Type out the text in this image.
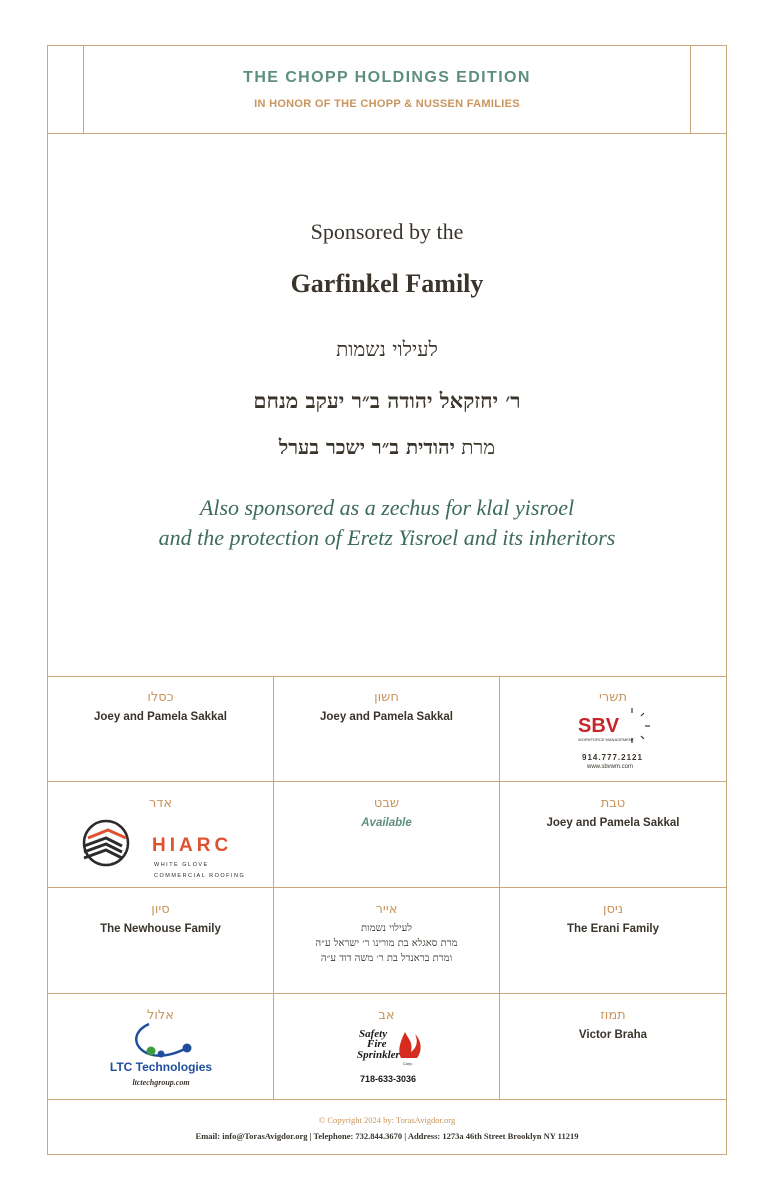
THE CHOPP HOLDINGS EDITION
IN HONOR OF THE CHOPP & NUSSEN FAMILIES
Sponsored by the
Garfinkel Family
לעילוי נשמות
ר׳ יחזקאל יהודה ב״ר יעקב מנחם
מרת יהודית ב״ר ישכר בערל
Also sponsored as a zechus for klal yisroel
and the protection of Eretz Yisroel and its inheritors
כסלו
Joey and Pamela Sakkal
חשון
Joey and Pamela Sakkal
תשרי
SBV
WORKFORCE MANAGEMENT
914.777.2121
www.sbvwm.com
אדר
HIARC
WHITE GLOVE
COMMERCIAL ROOFING
שבט
Available
טבת
Joey and Pamela Sakkal
סיון
The Newhouse Family
אייר
לעילוי נשמות
מרת סאגלא בת מורינו ר׳ ישראל ע״ה
ומרת בראנדל בת ר׳ משה דוד ע״ה
ניסן
The Erani Family
אלול
LTC Technologies
ltctechgroup.com
אב
Safety
Fire
Sprinkler
Corp.
718-633-3036
תמוז
Victor Braha
© Copyright 2024 by: TorasAvigdor.org
Email: info@TorasAvigdor.org | Telephone: 732.844.3670 | Address: 1273a 46th Street Brooklyn NY 11219
